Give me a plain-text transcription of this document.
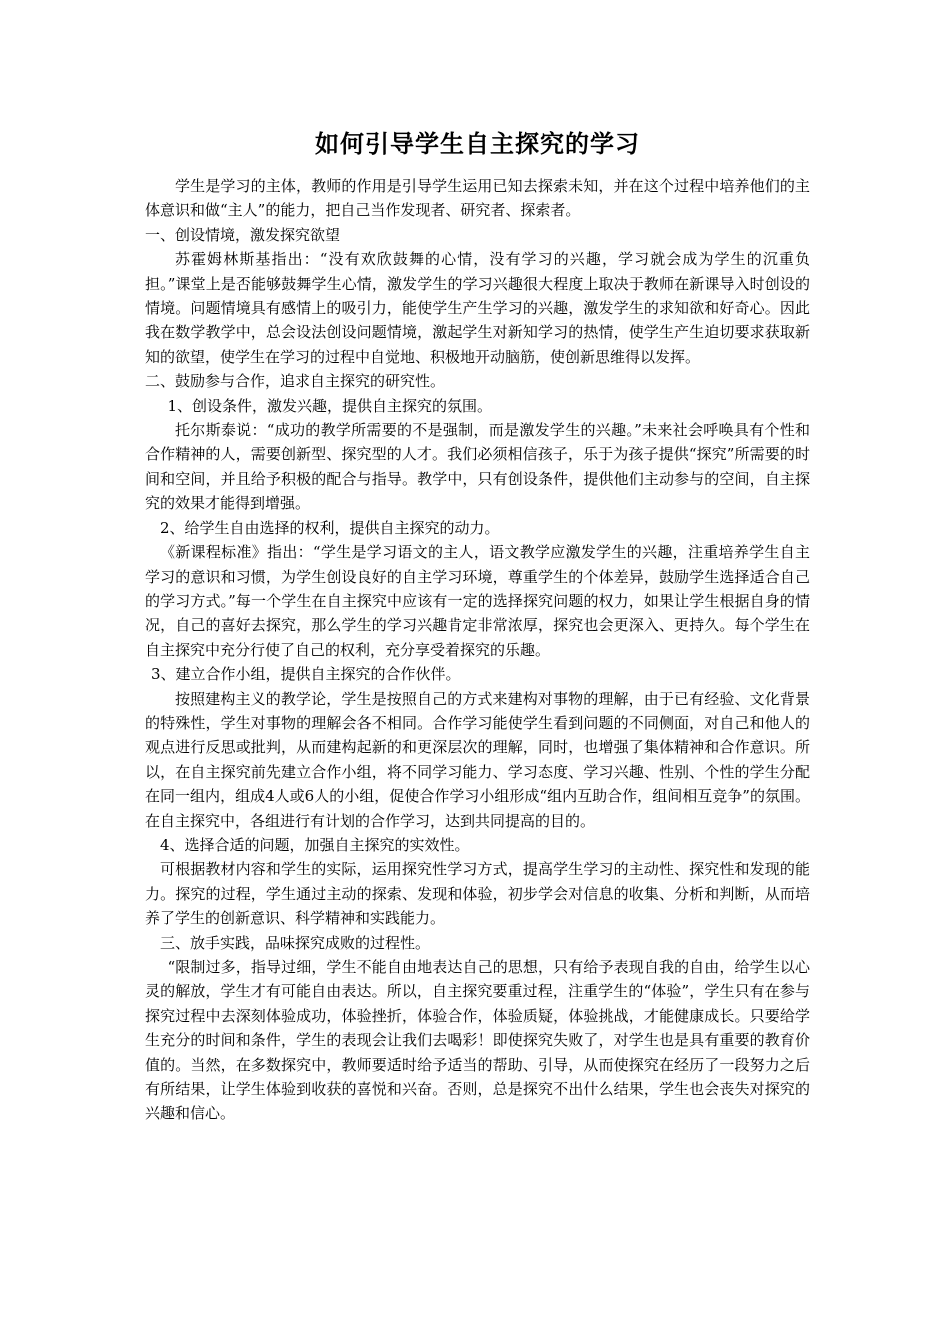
如何引导学生自主探究的学习

学生是学习的主体，教师的作用是引导学生运用已知去探索未知，并在这个过程中培养他们的主体意识和做“主人”的能力，把自己当作发现者、研究者、探索者。

一、创设情境，激发探究欲望

苏霍姆林斯基指出：“没有欢欣鼓舞的心情，没有学习的兴趣，学习就会成为学生的沉重负担。”课堂上是否能够鼓舞学生心情，激发学生的学习兴趣很大程度上取决于教师在新课导入时创设的情境。问题情境具有感情上的吸引力，能使学生产生学习的兴趣，激发学生的求知欲和好奇心。因此我在数学教学中，总会设法创设问题情境，激起学生对新知学习的热情，使学生产生迫切要求获取新知的欲望，使学生在学习的过程中自觉地、积极地开动脑筋，使创新思维得以发挥。

二、鼓励参与合作，追求自主探究的研究性。

1、创设条件，激发兴趣，提供自主探究的氛围。

托尔斯泰说：“成功的教学所需要的不是强制，而是激发学生的兴趣。”未来社会呼唤具有个性和合作精神的人，需要创新型、探究型的人才。我们必须相信孩子，乐于为孩子提供“探究”所需要的时间和空间，并且给予积极的配合与指导。教学中，只有创设条件，提供他们主动参与的空间，自主探究的效果才能得到增强。

2、给学生自由选择的权利，提供自主探究的动力。

《新课程标准》指出：“学生是学习语文的主人，语文教学应激发学生的兴趣，注重培养学生自主学习的意识和习惯，为学生创设良好的自主学习环境，尊重学生的个体差异，鼓励学生选择适合自己的学习方式。”每一个学生在自主探究中应该有一定的选择探究问题的权力，如果让学生根据自身的情况，自己的喜好去探究，那么学生的学习兴趣肯定非常浓厚，探究也会更深入、更持久。每个学生在自主探究中充分行使了自己的权利，充分享受着探究的乐趣。

3、建立合作小组，提供自主探究的合作伙伴。

按照建构主义的教学论，学生是按照自己的方式来建构对事物的理解，由于已有经验、文化背景的特殊性，学生对事物的理解会各不相同。合作学习能使学生看到问题的不同侧面，对自己和他人的观点进行反思或批判，从而建构起新的和更深层次的理解，同时，也增强了集体精神和合作意识。所以，在自主探究前先建立合作小组，将不同学习能力、学习态度、学习兴趣、性别、个性的学生分配在同一组内，组成4人或6人的小组，促使合作学习小组形成“组内互助合作，组间相互竞争”的氛围。在自主探究中，各组进行有计划的合作学习，达到共同提高的目的。

4、选择合适的问题，加强自主探究的实效性。

可根据教材内容和学生的实际，运用探究性学习方式，提高学生学习的主动性、探究性和发现的能力。探究的过程，学生通过主动的探索、发现和体验，初步学会对信息的收集、分析和判断，从而培养了学生的创新意识、科学精神和实践能力。

三、放手实践，品味探究成败的过程性。

“限制过多，指导过细，学生不能自由地表达自己的思想，只有给予表现自我的自由，给学生以心灵的解放，学生才有可能自由表达。所以，自主探究要重过程，注重学生的“体验”，学生只有在参与探究过程中去深刻体验成功，体验挫折，体验合作，体验质疑，体验挑战，才能健康成长。只要给学生充分的时间和条件，学生的表现会让我们去喝彩！即使探究失败了，对学生也是具有重要的教育价值的。当然，在多数探究中，教师要适时给予适当的帮助、引导，从而使探究在经历了一段努力之后有所结果，让学生体验到收获的喜悦和兴奋。否则，总是探究不出什么结果，学生也会丧失对探究的兴趣和信心。
